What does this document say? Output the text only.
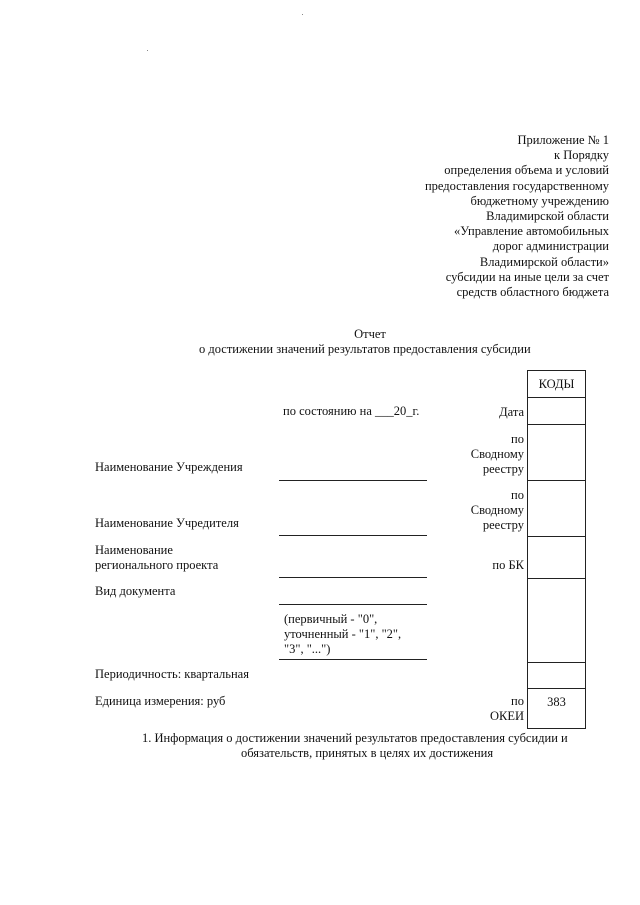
Приложение № 1
к Порядку
определения объема и условий
предоставления государственному
бюджетному учреждению
Владимирской области
«Управление автомобильных
дорог администрации
Владимирской области»
субсидии на иные цели за счет
средств областного бюджета
Отчет
о достижении значений результатов предоставления субсидии
по состоянию на ___20_г.
Наименование Учреждения
Наименование Учредителя
Наименование
регионального проекта
Вид документа
(первичный - "0",
уточненный - "1", "2",
"3", "...")
Периодичность: квартальная
Единица измерения: руб
Дата
по
Сводному
реестру
по
Сводному
реестру
по БК
по
ОКЕИ
КОДЫ
383
1. Информация о достижении значений результатов предоставления субсидии и
обязательств, принятых в целях их достижения
